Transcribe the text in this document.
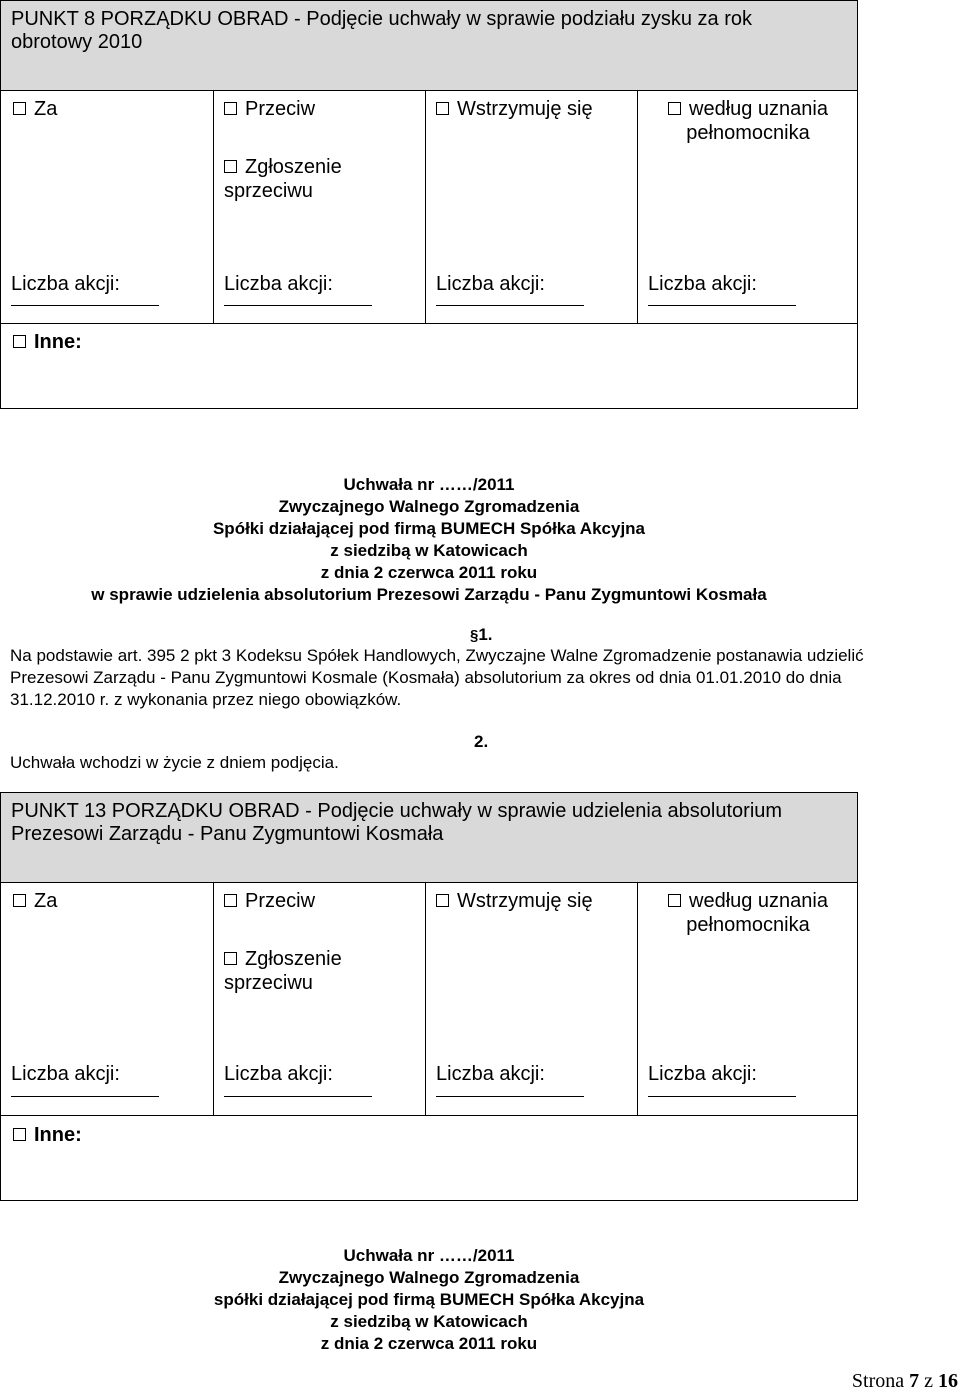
PUNKT 8 PORZĄDKU OBRAD - Podjęcie uchwały w sprawie podziału zysku za rok
obrotowy 2010
Za
Liczba akcji:
Przeciw
Zgłoszenie
sprzeciwu
Liczba akcji:
Wstrzymuję się
Liczba akcji:
według uznania
pełnomocnika
Liczba akcji:
Inne:
Uchwała nr ……/2011
Zwyczajnego Walnego Zgromadzenia
Spółki działającej pod firmą BUMECH Spółka Akcyjna
z siedzibą w Katowicach
z dnia 2 czerwca 2011 roku
w sprawie udzielenia absolutorium Prezesowi Zarządu - Panu Zygmuntowi Kosmała
§1.
Na podstawie art. 395 2 pkt 3 Kodeksu Spółek Handlowych, Zwyczajne Walne Zgromadzenie postanawia udzielić
Prezesowi Zarządu - Panu Zygmuntowi Kosmale (Kosmała) absolutorium za okres od dnia 01.01.2010 do dnia
31.12.2010 r. z wykonania przez niego obowiązków.
2.
Uchwała wchodzi w życie z dniem podjęcia.
PUNKT 13 PORZĄDKU OBRAD - Podjęcie uchwały w sprawie udzielenia absolutorium
Prezesowi Zarządu - Panu Zygmuntowi Kosmała
Za
Liczba akcji:
Przeciw
Zgłoszenie
sprzeciwu
Liczba akcji:
Wstrzymuję się
Liczba akcji:
według uznania
pełnomocnika
Liczba akcji:
Inne:
Uchwała nr ……/2011
Zwyczajnego Walnego Zgromadzenia
spółki działającej pod firmą BUMECH Spółka Akcyjna
z siedzibą w Katowicach
z dnia 2 czerwca 2011 roku
Strona 7 z 16
